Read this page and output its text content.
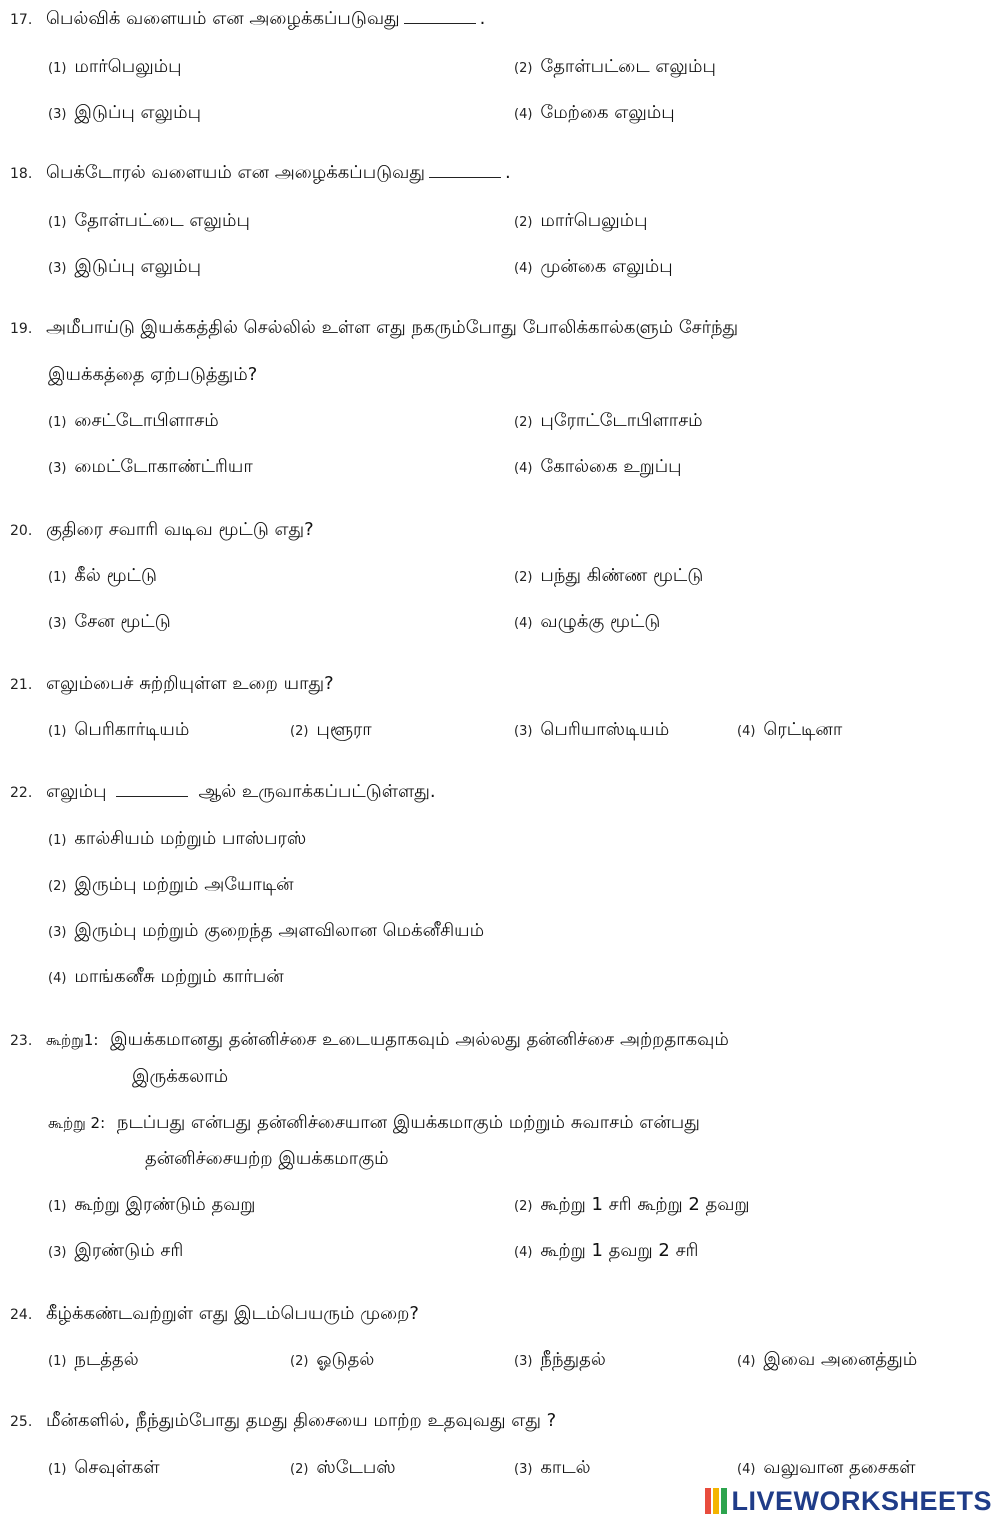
17. பெல்விக் வளையம் என அழைக்கப்படுவது	.
(1) மார்பெலும்பு	(2) தோள்பட்டை எலும்பு
(3) இடுப்பு எலும்பு	(4) மேற்கை எலும்பு
18. பெக்டோரல் வளையம் என அழைக்கப்படுவது	.
(1) தோள்பட்டை எலும்பு	(2) மார்பெலும்பு
(3) இடுப்பு எலும்பு	(4) முன்கை எலும்பு
19. அமீபாய்டு இயக்கத்தில் செல்லில் உள்ள எது நகரும்போது போலிக்கால்களும் சேர்ந்து
இயக்கத்தை ஏற்படுத்தும்?
(1) சைட்டோபிளாசம்	(2) புரோட்டோபிளாசம்
(3) மைட்டோகாண்ட்ரியா	(4) கோல்கை உறுப்பு
20. குதிரை சவாரி வடிவ மூட்டு எது?
(1) கீல் மூட்டு	(2) பந்து கிண்ண மூட்டு
(3) சேன மூட்டு	(4) வழுக்கு மூட்டு
21. எலும்பைச் சுற்றியுள்ள உறை யாது?
(1) பெரிகார்டியம்	(2) புளூரா	(3) பெரியாஸ்டியம்	(4) ரெட்டினா
22. எலும்பு	ஆல் உருவாக்கப்பட்டுள்ளது.
(1) கால்சியம் மற்றும் பாஸ்பரஸ்
(2) இரும்பு மற்றும் அயோடின்
(3) இரும்பு மற்றும் குறைந்த அளவிலான மெக்னீசியம்
(4) மாங்கனீசு மற்றும் கார்பன்
23. கூற்று1: இயக்கமானது தன்னிச்சை உடையதாகவும் அல்லது தன்னிச்சை அற்றதாகவும்
இருக்கலாம்
கூற்று 2: நடப்பது என்பது தன்னிச்சையான இயக்கமாகும் மற்றும் சுவாசம் என்பது
தன்னிச்சையற்ற இயக்கமாகும்
(1) கூற்று இரண்டும் தவறு	(2) கூற்று 1 சரி கூற்று 2 தவறு
(3) இரண்டும் சரி	(4) கூற்று 1 தவறு 2 சரி
24. கீழ்க்கண்டவற்றுள் எது இடம்பெயரும் முறை?
(1) நடத்தல்	(2) ஓடுதல்	(3) நீந்துதல்	(4) இவை அனைத்தும்
25. மீன்களில், நீந்தும்போது தமது திசையை மாற்ற உதவுவது எது ?
(1) செவுள்கள்	(2) ஸ்டேபஸ்	(3) காடல்	(4) வலுவான தசைகள்
LIVEWORKSHEETS
